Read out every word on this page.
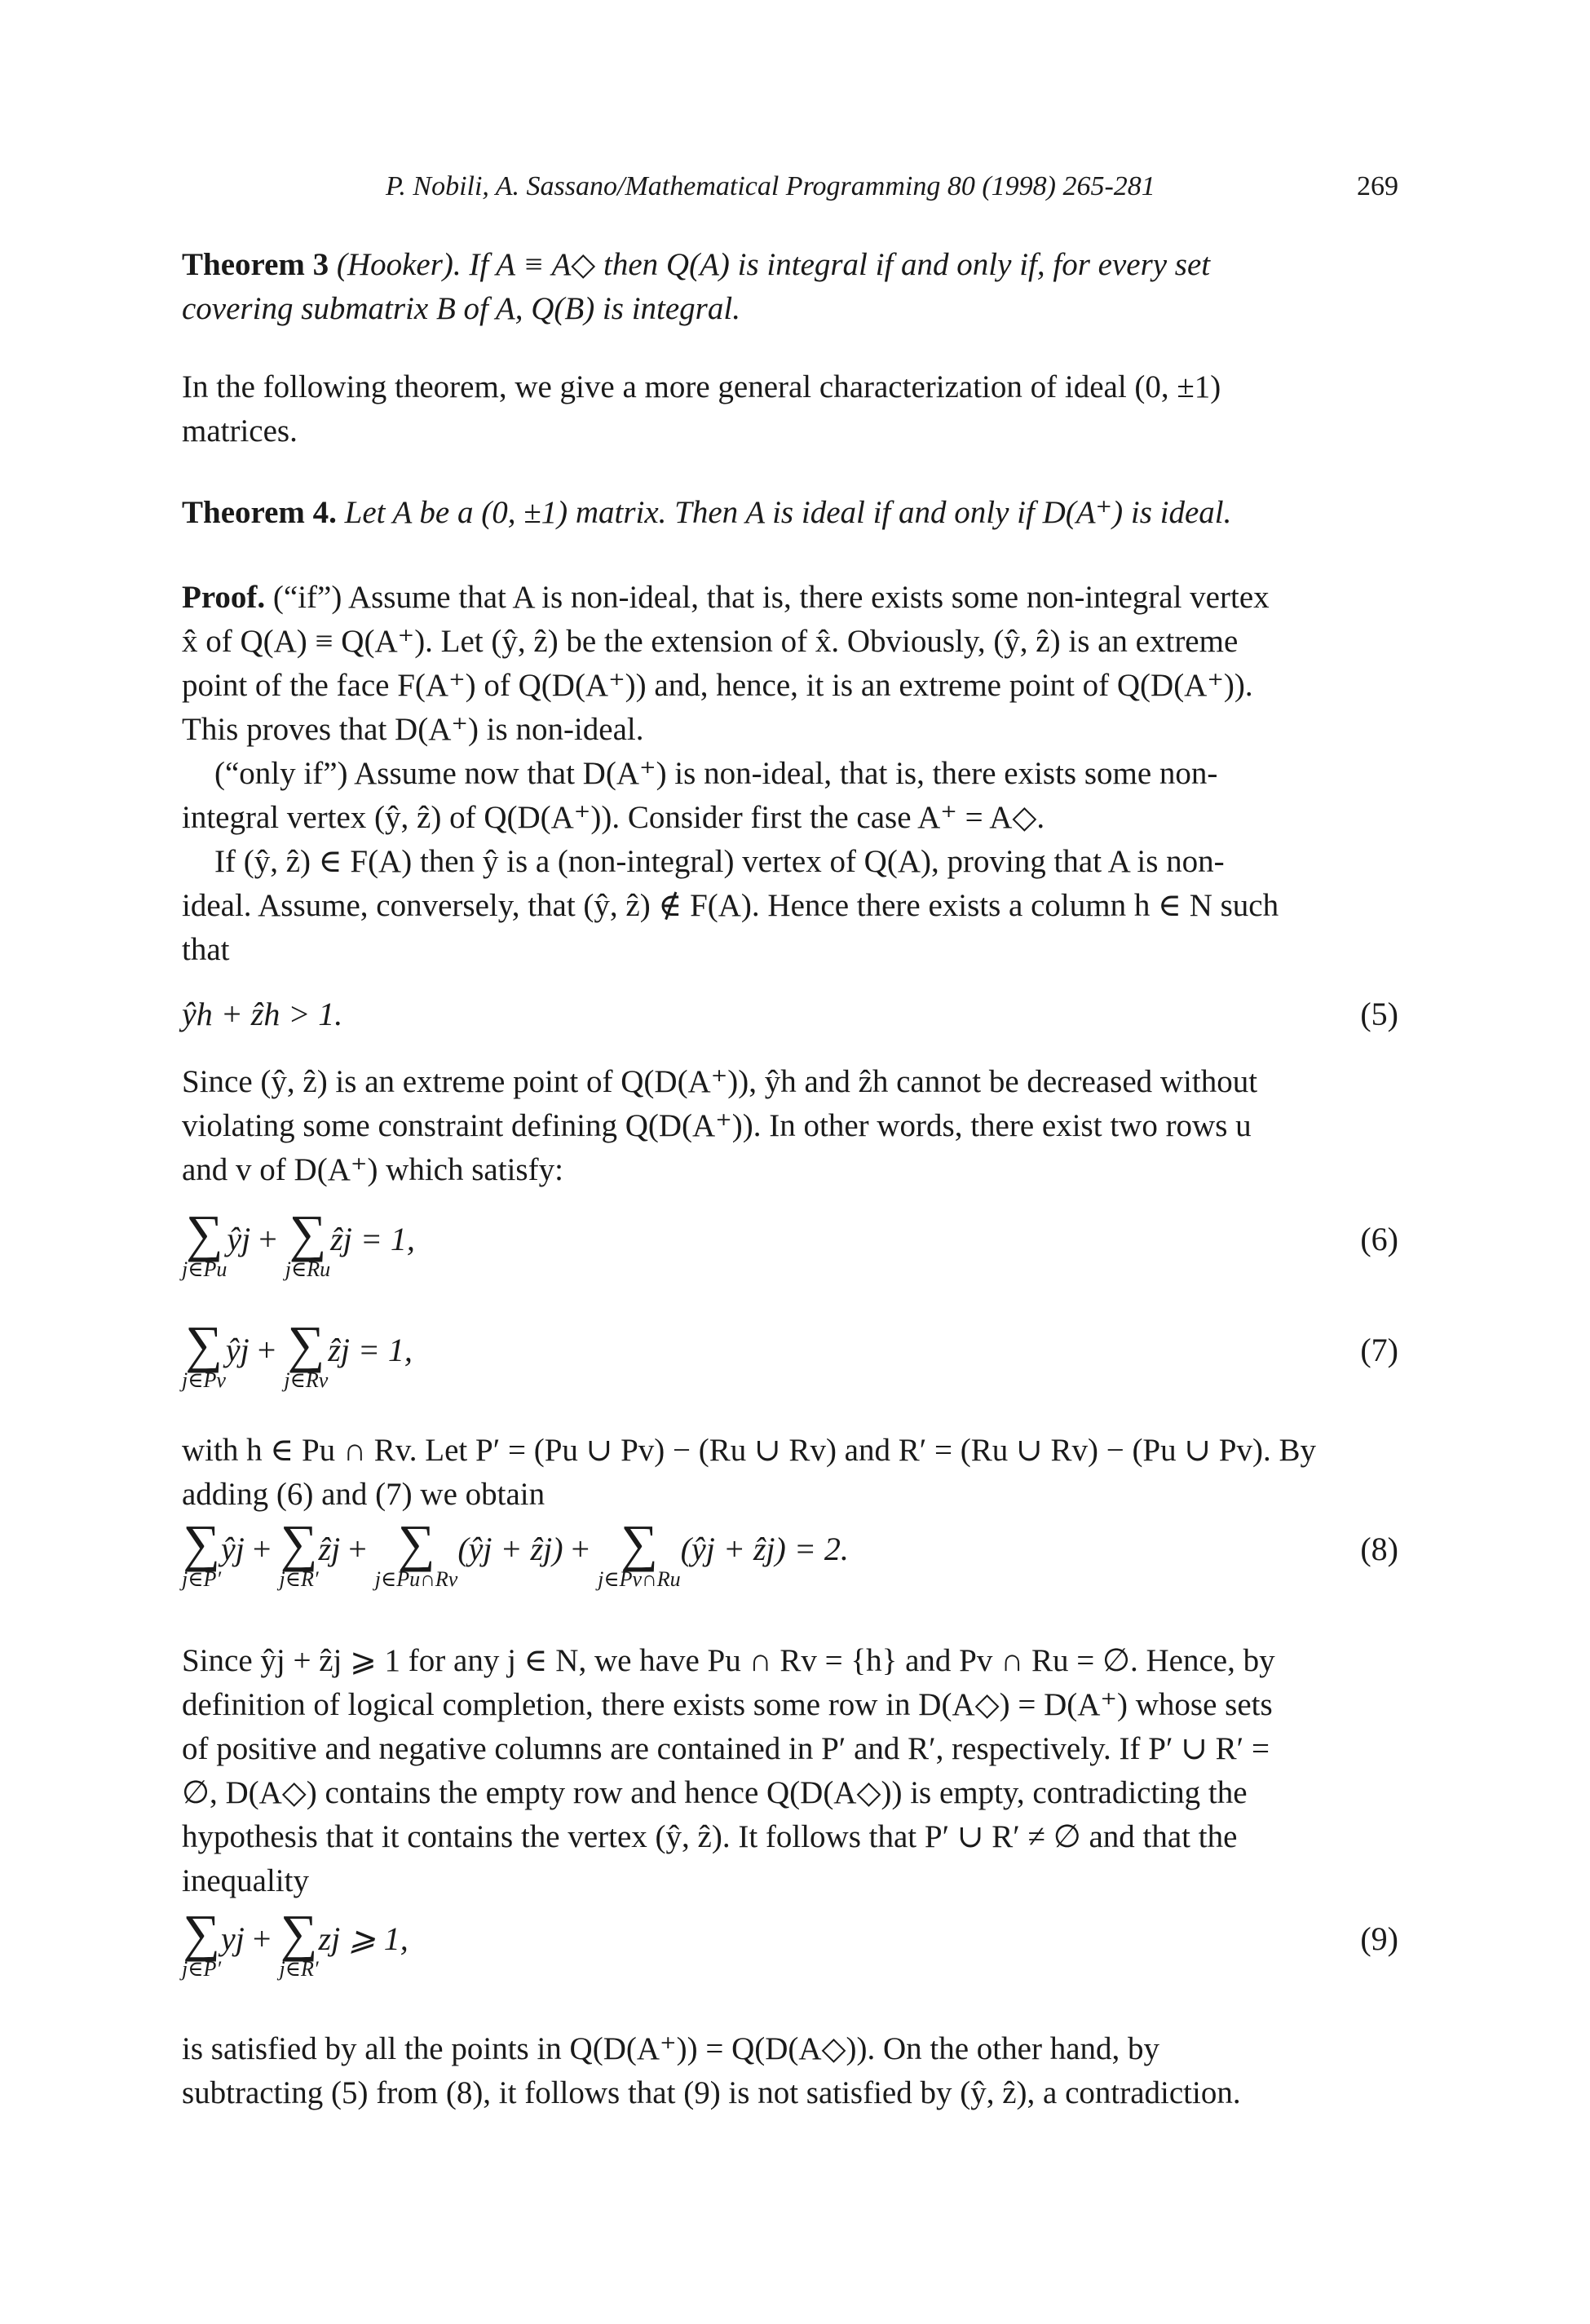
P. Nobili, A. Sassano/Mathematical Programming 80 (1998) 265-281	269
Theorem 3 (Hooker). If A ≡ A◇ then Q(A) is integral if and only if, for every set
covering submatrix B of A, Q(B) is integral.
In the following theorem, we give a more general characterization of ideal (0, ±1)
matrices.
Theorem 4. Let A be a (0, ±1) matrix. Then A is ideal if and only if D(A⁺) is ideal.
Proof. (“if”) Assume that A is non-ideal, that is, there exists some non-integral vertex
x̂ of Q(A) ≡ Q(A⁺). Let (ŷ, ẑ) be the extension of x̂. Obviously, (ŷ, ẑ) is an extreme
point of the face F(A⁺) of Q(D(A⁺)) and, hence, it is an extreme point of Q(D(A⁺)).
This proves that D(A⁺) is non-ideal.
(“only if”) Assume now that D(A⁺) is non-ideal, that is, there exists some non-
integral vertex (ŷ, ẑ) of Q(D(A⁺)). Consider first the case A⁺ = A◇.
If (ŷ, ẑ) ∈ F(A) then ŷ is a (non-integral) vertex of Q(A), proving that A is non-
ideal. Assume, conversely, that (ŷ, ẑ) ∉ F(A). Hence there exists a column h ∈ N such
that
ŷh + ẑh > 1.	(5)
Since (ŷ, ẑ) is an extreme point of Q(D(A⁺)), ŷh and ẑh cannot be decreased without
violating some constraint defining Q(D(A⁺)). In other words, there exist two rows u
and v of D(A⁺) which satisfy:
∑
j∈Pu
ŷj + ∑
j∈Ru
ẑj = 1,	(6)
∑
j∈Pv
ŷj + ∑
j∈Rv
ẑj = 1,	(7)
with h ∈ Pu ∩ Rv. Let P′ = (Pu ∪ Pv) − (Ru ∪ Rv) and R′ = (Ru ∪ Rv) − (Pu ∪ Pv). By
adding (6) and (7) we obtain
∑
j∈P′
ŷj + ∑
j∈R′
ẑj + ∑
j∈Pu∩Rv
(ŷj + ẑj) + ∑
j∈Pv∩Ru
(ŷj + ẑj) = 2.	(8)
Since ŷj + ẑj ⩾ 1 for any j ∈ N, we have Pu ∩ Rv = {h} and Pv ∩ Ru = ∅. Hence, by
definition of logical completion, there exists some row in D(A◇) = D(A⁺) whose sets
of positive and negative columns are contained in P′ and R′, respectively. If P′ ∪ R′ =
∅, D(A◇) contains the empty row and hence Q(D(A◇)) is empty, contradicting the
hypothesis that it contains the vertex (ŷ, ẑ). It follows that P′ ∪ R′ ≠ ∅ and that the
inequality
∑
j∈P′
yj + ∑
j∈R′
zj ⩾ 1,	(9)
is satisfied by all the points in Q(D(A⁺)) = Q(D(A◇)). On the other hand, by
subtracting (5) from (8), it follows that (9) is not satisfied by (ŷ, ẑ), a contradiction.
